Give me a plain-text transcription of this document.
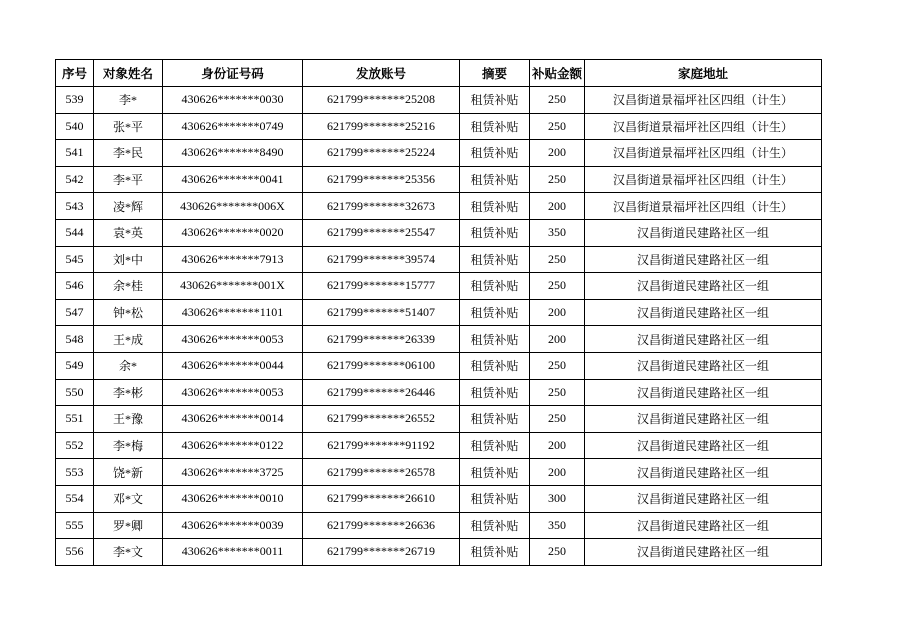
序号	对象姓名	身份证号码	发放账号	摘要	补贴金额	家庭地址
539	李*	430626*******0030	621799*******25208	租赁补贴	250	汉昌街道景福坪社区四组（计生）
540	张*平	430626*******0749	621799*******25216	租赁补贴	250	汉昌街道景福坪社区四组（计生）
541	李*民	430626*******8490	621799*******25224	租赁补贴	200	汉昌街道景福坪社区四组（计生）
542	李*平	430626*******0041	621799*******25356	租赁补贴	250	汉昌街道景福坪社区四组（计生）
543	凌*辉	430626*******006X	621799*******32673	租赁补贴	200	汉昌街道景福坪社区四组（计生）
544	袁*英	430626*******0020	621799*******25547	租赁补贴	350	汉昌街道民建路社区一组
545	刘*中	430626*******7913	621799*******39574	租赁补贴	250	汉昌街道民建路社区一组
546	余*桂	430626*******001X	621799*******15777	租赁补贴	250	汉昌街道民建路社区一组
547	钟*松	430626*******1101	621799*******51407	租赁补贴	200	汉昌街道民建路社区一组
548	王*成	430626*******0053	621799*******26339	租赁补贴	200	汉昌街道民建路社区一组
549	余*	430626*******0044	621799*******06100	租赁补贴	250	汉昌街道民建路社区一组
550	李*彬	430626*******0053	621799*******26446	租赁补贴	250	汉昌街道民建路社区一组
551	王*豫	430626*******0014	621799*******26552	租赁补贴	250	汉昌街道民建路社区一组
552	李*梅	430626*******0122	621799*******91192	租赁补贴	200	汉昌街道民建路社区一组
553	饶*新	430626*******3725	621799*******26578	租赁补贴	200	汉昌街道民建路社区一组
554	邓*文	430626*******0010	621799*******26610	租赁补贴	300	汉昌街道民建路社区一组
555	罗*卿	430626*******0039	621799*******26636	租赁补贴	350	汉昌街道民建路社区一组
556	李*文	430626*******0011	621799*******26719	租赁补贴	250	汉昌街道民建路社区一组
